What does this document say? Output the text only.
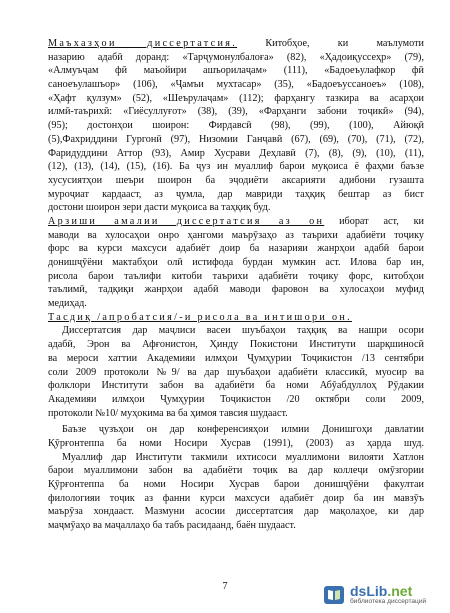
Маъхазҳои диссертатсия. Китобҳое, ки маълумоти
назарию адабӣ доранд: «Тарҷумонулбалоға» (82), «Ҳадоиқуссеҳр» (79),
«Алмуъҷам фӣ маъойири ашъорилаҷам» (111), «Бадоеъулафкор фӣ
саноеъулашъор» (106), «Ҷамъи мухтасар» (35), «Бадоеъуссаноеъ» (108),
«Ҳафт қулзум» (52), «Шеърулаҷам» (112); фарҳангу тазкира ва асарҳои
илмӣ-таърихӣ: «Гиёсуллуғот» (38), (39), «Фарҳанги забони тоҷикӣ» (94),
(95); достонҳои шоирон: Фирдавсӣ (98), (99), (100), Айюқӣ
(5),Фахриддини Гургонӣ (97), Низомии Ганҷавӣ (67), (69), (70), (71), (72),
Фаридуддини Аттор (93), Амир Хусрави Деҳлавӣ (7), (8), (9), (10), (11),
(12), (13), (14), (15), (16). Ба ҷуз ин муаллиф барои муқоиса ё фаҳми баъзе
хусусиятҳои шеъри шоирон ба эҷодиёти аксарияти адибони гузашта
муроҷиат кардааст, аз ҷумла, дар мавриди таҳқиқ бештар аз бист
достони шоирон зери дасти муқоиса ва таҳқиқ буд.
Арзиши амалии диссертатсия аз он иборат аст, ки
маводи ва хулосаҳои онро ҳангоми маърӯзаҳо аз таърихи адабиёти тоҷику
форс ва курси махсуси адабиёт доир ба назарияи жанрҳои адабӣ барои
донишҷӯёни мактабҳои олӣ истифода бурдан мумкин аст. Илова бар ин,
рисола барои таълифи китоби таърихи адабиёти тоҷику форс, китобҳои
таълимӣ, тадқиқи жанрҳои адабӣ маводи фаровон ва хулосаҳои муфид
медиҳад.
Тасдиқ /апробатсия/-и рисола ва интишори он.
Диссертатсия дар маҷлиси васеи шуъбаҳои таҳқиқ ва нашри осори
адабӣ, Эрон ва Афғонистон, Ҳинду Покистони Институти шарқшиносӣ
ва мероси хаттии Академияи илмҳои Ҷумҳурии Тоҷикистон /13 сентябри
соли 2009 протоколи №9/ ва дар шуъбаҳои адабиёти классикӣ, муосир ва
фолклори Институти забон ва адабиёти ба номи Абӯабдуллоҳ Рӯдакии
Академияи илмҳои Ҷумҳурии Тоҷикистон /20 октябри соли 2009,
протоколи №10/ муҳокима ва ба ҳимоя тавсия шудааст.
Баъзе ҷузъҳои он дар конференсияҳои илмии Донишгоҳи давлатии
Қӯрғонтеппа ба номи Носири Хусрав (1991), (2003) аз ҳарда шуд.
Муаллиф дар Институти такмили ихтисоси муаллимони вилояти Хатлон
барои муаллимони забон ва адабиёти тоҷик ва дар коллеҷи омӯзгории
Қӯрғонтеппа ба номи Носири Хусрав барои донишҷӯёни факултаи
филологияи тоҷик аз фанни курси махсуси адабиёт доир ба ин мавзӯъ
маърӯза хондааст. Мазмуни асосии диссертатсия дар мақолаҳое, ки дар
маҷмӯаҳо ва маҷаллаҳо ба табъ расидаанд, баён шудааст.
7	dsLib.net
библиотека диссертаций
